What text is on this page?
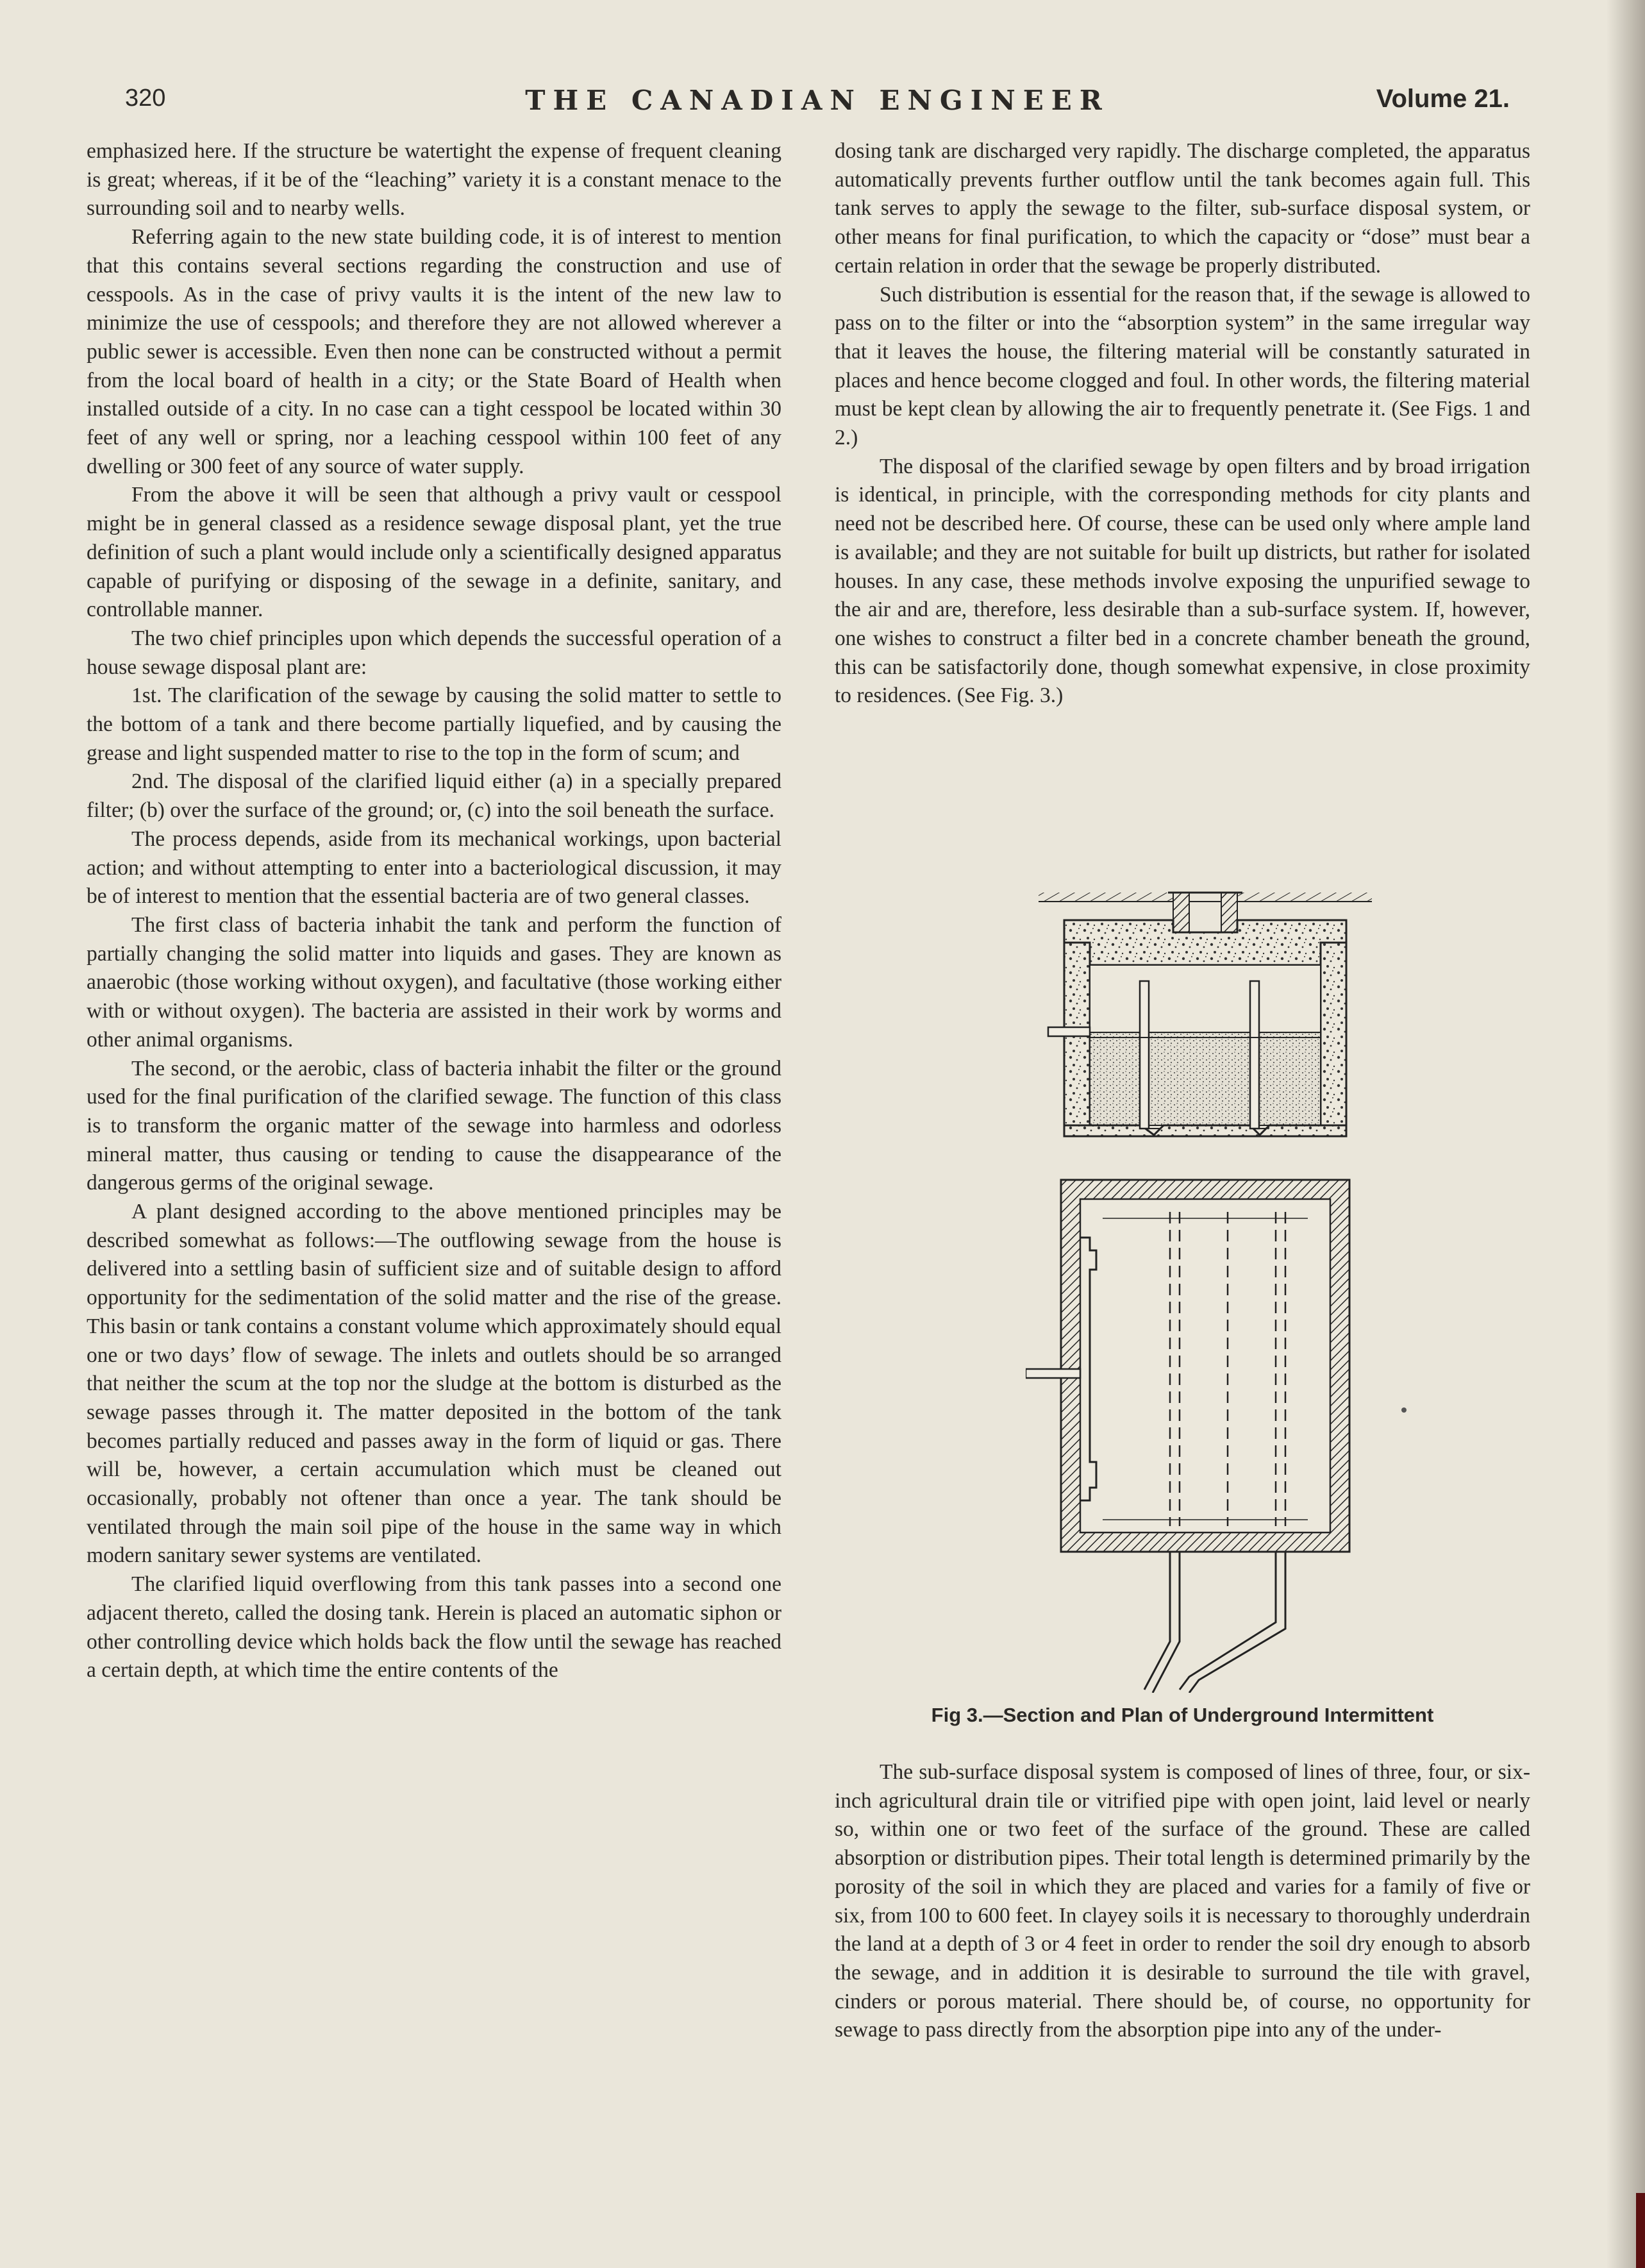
320	THE CANADIAN ENGINEER	Volume 21.

emphasized here. If the structure be watertight the expense of frequent cleaning is great; whereas, if it be of the “leaching” variety it is a constant menace to the surrounding soil and to nearby wells.

Referring again to the new state building code, it is of interest to mention that this contains several sections regarding the construction and use of cesspools. As in the case of privy vaults it is the intent of the new law to minimize the use of cesspools; and therefore they are not allowed wherever a public sewer is accessible. Even then none can be constructed without a permit from the local board of health in a city; or the State Board of Health when installed outside of a city. In no case can a tight cesspool be located within 30 feet of any well or spring, nor a leaching cesspool within 100 feet of any dwelling or 300 feet of any source of water supply.

From the above it will be seen that although a privy vault or cesspool might be in general classed as a residence sewage disposal plant, yet the true definition of such a plant would include only a scientifically designed apparatus capable of purifying or disposing of the sewage in a definite, sanitary, and controllable manner.

The two chief principles upon which depends the successful operation of a house sewage disposal plant are:

1st. The clarification of the sewage by causing the solid matter to settle to the bottom of a tank and there become partially liquefied, and by causing the grease and light suspended matter to rise to the top in the form of scum; and

2nd. The disposal of the clarified liquid either (a) in a specially prepared filter; (b) over the surface of the ground; or, (c) into the soil beneath the surface.

The process depends, aside from its mechanical workings, upon bacterial action; and without attempting to enter into a bacteriological discussion, it may be of interest to mention that the essential bacteria are of two general classes.

The first class of bacteria inhabit the tank and perform the function of partially changing the solid matter into liquids and gases. They are known as anaerobic (those working without oxygen), and facultative (those working either with or without oxygen). The bacteria are assisted in their work by worms and other animal organisms.

The second, or the aerobic, class of bacteria inhabit the filter or the ground used for the final purification of the clarified sewage. The function of this class is to transform the organic matter of the sewage into harmless and odorless mineral matter, thus causing or tending to cause the disappearance of the dangerous germs of the original sewage.

A plant designed according to the above mentioned principles may be described somewhat as follows:—The outflowing sewage from the house is delivered into a settling basin of sufficient size and of suitable design to afford opportunity for the sedimentation of the solid matter and the rise of the grease. This basin or tank contains a constant volume which approximately should equal one or two days’ flow of sewage. The inlets and outlets should be so arranged that neither the scum at the top nor the sludge at the bottom is disturbed as the sewage passes through it. The matter deposited in the bottom of the tank becomes partially reduced and passes away in the form of liquid or gas. There will be, however, a certain accumulation which must be cleaned out occasionally, probably not oftener than once a year. The tank should be ventilated through the main soil pipe of the house in the same way in which modern sanitary sewer systems are ventilated.

The clarified liquid overflowing from this tank passes into a second one adjacent thereto, called the dosing tank. Herein is placed an automatic siphon or other controlling device which holds back the flow until the sewage has reached a certain depth, at which time the entire contents of the

dosing tank are discharged very rapidly. The discharge completed, the apparatus automatically prevents further outflow until the tank becomes again full. This tank serves to apply the sewage to the filter, sub-surface disposal system, or other means for final purification, to which the capacity or “dose” must bear a certain relation in order that the sewage be properly distributed.

Such distribution is essential for the reason that, if the sewage is allowed to pass on to the filter or into the “absorption system” in the same irregular way that it leaves the house, the filtering material will be constantly saturated in places and hence become clogged and foul. In other words, the filtering material must be kept clean by allowing the air to frequently penetrate it. (See Figs. 1 and 2.)

The disposal of the clarified sewage by open filters and by broad irrigation is identical, in principle, with the corresponding methods for city plants and need not be described here. Of course, these can be used only where ample land is available; and they are not suitable for built up districts, but rather for isolated houses. In any case, these methods involve exposing the unpurified sewage to the air and are, therefore, less desirable than a sub-surface system. If, however, one wishes to construct a filter bed in a concrete chamber beneath the ground, this can be satisfactorily done, though somewhat expensive, in close proximity to residences. (See Fig. 3.)

Fig 3.—Section and Plan of Underground Intermittent

The sub-surface disposal system is composed of lines of three, four, or six-inch agricultural drain tile or vitrified pipe with open joint, laid level or nearly so, within one or two feet of the surface of the ground. These are called absorption or distribution pipes. Their total length is determined primarily by the porosity of the soil in which they are placed and varies for a family of five or six, from 100 to 600 feet. In clayey soils it is necessary to thoroughly underdrain the land at a depth of 3 or 4 feet in order to render the soil dry enough to absorb the sewage, and in addition it is desirable to surround the tile with gravel, cinders or porous material. There should be, of course, no opportunity for sewage to pass directly from the absorption pipe into any of the under-
